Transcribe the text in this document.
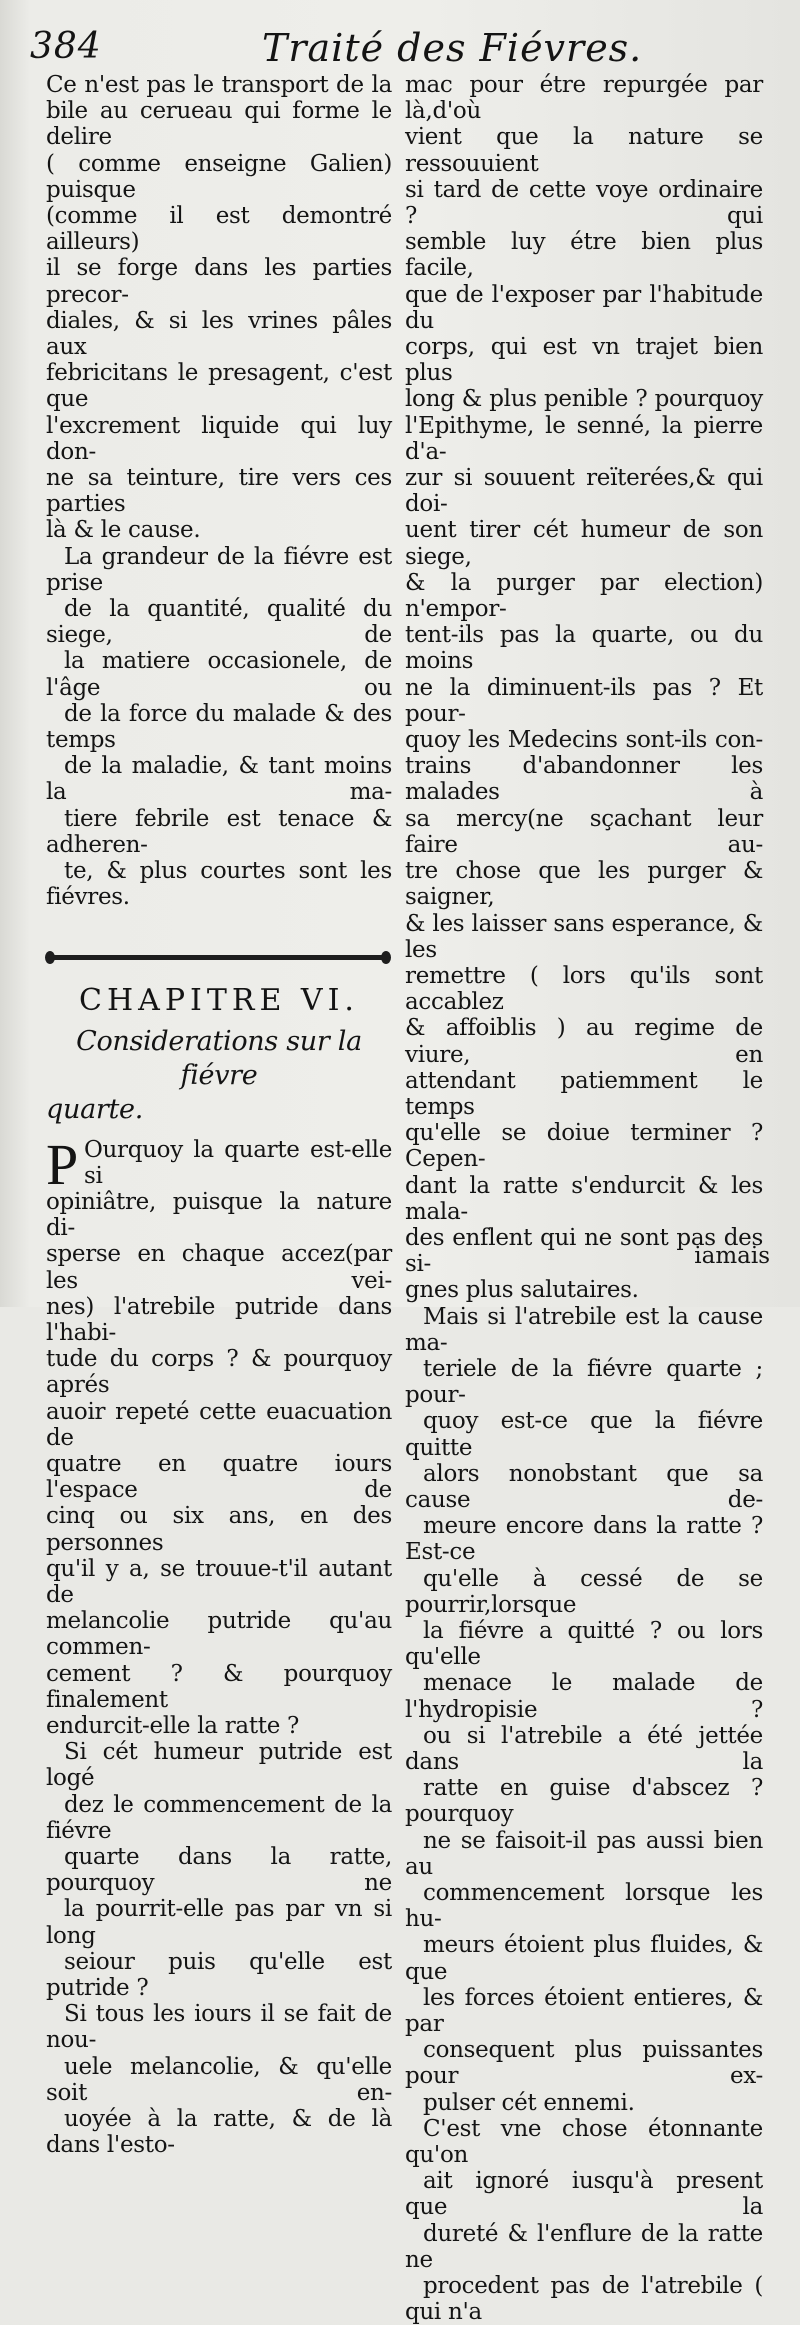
384	Traité des Fiévres.

Ce n'est pas le transport de la
bile au cerueau qui forme le delire
( comme enseigne Galien) puisque
(comme il est demontré ailleurs)
il se forge dans les parties precor-
diales, & si les vrines pâles aux
febricitans le presagent, c'est que
l'excrement liquide qui luy don-
ne sa teinture, tire vers ces parties
là & le cause.

La grandeur de la fiévre est prise
de la quantité, qualité du siege, de
la matiere occasionele, de l'âge ou
de la force du malade & des temps
de la maladie, & tant moins la ma-
tiere febrile est tenace & adheren-
te, & plus courtes sont les fiévres.

CHAPITRE VI.
Considerations sur la fiévre
quarte.

P Ourquoy la quarte est-elle si
opiniâtre, puisque la nature di-
sperse en chaque accez(par les vei-
nes) l'atrebile putride dans l'habi-
tude du corps ? & pourquoy aprés
auoir repeté cette euacuation de
quatre en quatre iours l'espace de
cinq ou six ans, en des personnes
qu'il y a, se trouue-t'il autant de
melancolie putride qu'au commen-
cement ? & pourquoy finalement
endurcit-elle la ratte ?

Si cét humeur putride est logé
dez le commencement de la fiévre
quarte dans la ratte, pourquoy ne
la pourrit-elle pas par vn si long
seiour puis qu'elle est putride ?

Si tous les iours il se fait de nou-
uele melancolie, & qu'elle soit en-
uoyée à la ratte, & de là dans l'esto-

mac pour étre repurgée par là,d'où
vient que la nature se ressouuient
si tard de cette voye ordinaire ? qui
semble luy étre bien plus facile,
que de l'exposer par l'habitude du
corps, qui est vn trajet bien plus
long & plus penible ? pourquoy
l'Epithyme, le senné, la pierre d'a-
zur si souuent reïterées,& qui doi-
uent tirer cét humeur de son siege,
& la purger par election) n'empor-
tent-ils pas la quarte, ou du moins
ne la diminuent-ils pas ? Et pour-
quoy les Medecins sont-ils con-
trains d'abandonner les malades à
sa mercy(ne sçachant leur faire au-
tre chose que les purger & saigner,
& les laisser sans esperance, & les
remettre ( lors qu'ils sont accablez
& affoiblis ) au regime de viure, en
attendant patiemment le temps
qu'elle se doiue terminer ? Cepen-
dant la ratte s'endurcit & les mala-
des enflent qui ne sont pas des si-
gnes plus salutaires.

Mais si l'atrebile est la cause ma-
teriele de la fiévre quarte ; pour-
quoy est-ce que la fiévre quitte
alors nonobstant que sa cause de-
meure encore dans la ratte ? Est-ce
qu'elle à cessé de se pourrir,lorsque
la fiévre a quitté ? ou lors qu'elle
menace le malade de l'hydropisie ?
ou si l'atrebile a été jettée dans la
ratte en guise d'abscez ? pourquoy
ne se faisoit-il pas aussi bien au
commencement lorsque les hu-
meurs étoient plus fluides, & que
les forces étoient entieres, & par
consequent plus puissantes pour ex-
pulser cét ennemi.

C'est vne chose étonnante qu'on
ait ignoré iusqu'à present que la
dureté & l'enflure de la ratte ne
procedent pas de l'atrebile ( qui n'a

iamais
